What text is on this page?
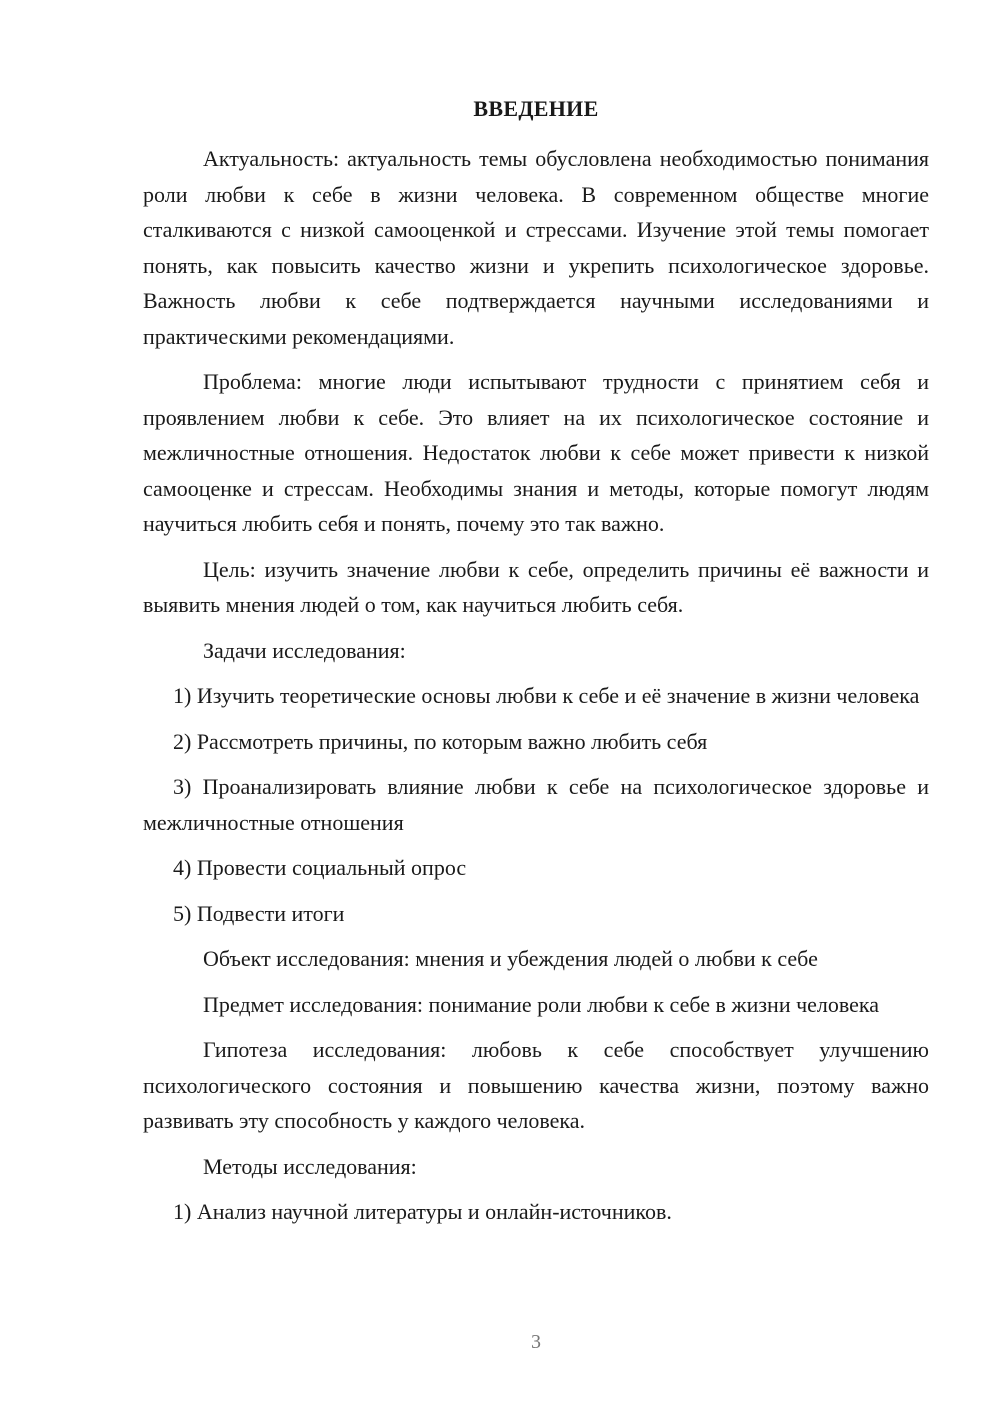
ВВЕДЕНИЕ

Актуальность: актуальность темы обусловлена необходимостью понимания роли любви к себе в жизни человека. В современном обществе многие сталкиваются с низкой самооценкой и стрессами. Изучение этой темы помогает понять, как повысить качество жизни и укрепить психологическое здоровье. Важность любви к себе подтверждается научными исследованиями и практическими рекомендациями.

Проблема: многие люди испытывают трудности с принятием себя и проявлением любви к себе. Это влияет на их психологическое состояние и межличностные отношения. Недостаток любви к себе может привести к низкой самооценке и стрессам. Необходимы знания и методы, которые помогут людям научиться любить себя и понять, почему это так важно.

Цель: изучить значение любви к себе, определить причины её важности и выявить мнения людей о том, как научиться любить себя.

Задачи исследования:

1) Изучить теоретические основы любви к себе и её значение в жизни человека

2) Рассмотреть причины, по которым важно любить себя

3) Проанализировать влияние любви к себе на психологическое здоровье и межличностные отношения

4) Провести социальный опрос

5) Подвести итоги

Объект исследования: мнения и убеждения людей о любви к себе

Предмет исследования: понимание роли любви к себе в жизни человека

Гипотеза исследования: любовь к себе способствует улучшению психологического состояния и повышению качества жизни, поэтому важно развивать эту способность у каждого человека.

Методы исследования:

1) Анализ научной литературы и онлайн-источников.

3
